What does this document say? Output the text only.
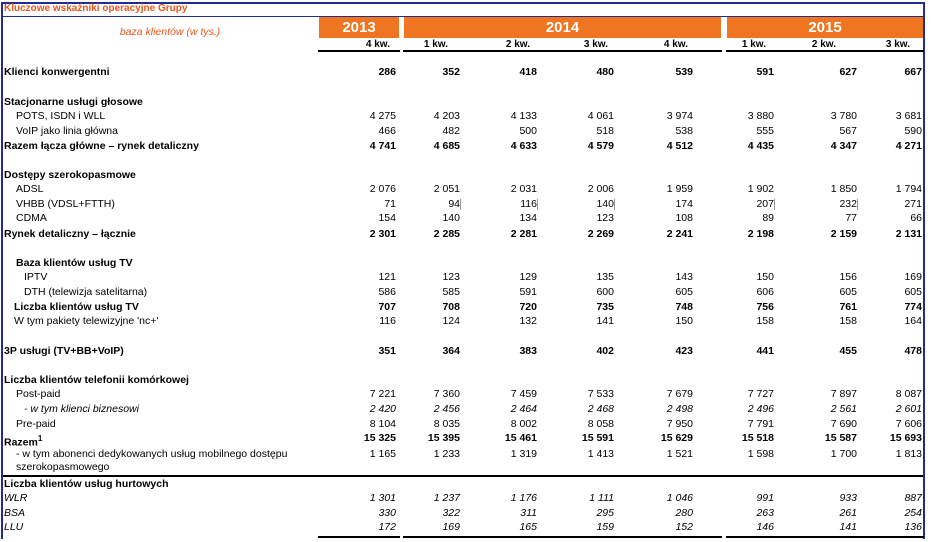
Kluczowe wskaźniki operacyjne Grupy
2013	2014	2015
baza klientów (w tys.)
4 kw.	1 kw.	2 kw.	3 kw.	4 kw.	1 kw.	2 kw.	3 kw.
Klienci konwergentni	286	352	418	480	539	591	627	667
Stacjonarne usługi głosowe
POTS, ISDN i WLL	4 275	4 203	4 133	4 061	3 974	3 880	3 780	3 681
VoIP jako linia główna	466	482	500	518	538	555	567	590
Razem łącza główne – rynek detaliczny	4 741	4 685	4 633	4 579	4 512	4 435	4 347	4 271
Dostępy szerokopasmowe
ADSL	2 076	2 051	2 031	2 006	1 959	1 902	1 850	1 794
VHBB (VDSL+FTTH)	71	94	116	140	174	207	232	271
CDMA	154	140	134	123	108	89	77	66
Rynek detaliczny – łącznie	2 301	2 285	2 281	2 269	2 241	2 198	2 159	2 131
Baza klientów usług TV
IPTV	121	123	129	135	143	150	156	169
DTH (telewizja satelitarna)	586	585	591	600	605	606	605	605
Liczba klientów usług TV	707	708	720	735	748	756	761	774
W tym pakiety telewizyjne 'nc+'	116	124	132	141	150	158	158	164
3P usługi (TV+BB+VoIP)	351	364	383	402	423	441	455	478
Liczba klientów telefonii komórkowej
Post-paid	7 221	7 360	7 459	7 533	7 679	7 727	7 897	8 087
- w tym klienci biznesowi	2 420	2 456	2 464	2 468	2 498	2 496	2 561	2 601
Pre-paid	8 104	8 035	8 002	8 058	7 950	7 791	7 690	7 606
Razem$^1$	15 325	15 395	15 461	15 591	15 629	15 518	15 587	15 693
- w tym abonenci dedykowanych usług mobilnego dostępu
szerokopasmowego
1 165	1 233	1 319	1 413	1 521	1 598	1 700	1 813
Liczba klientów usług hurtowych
WLR	1 301	1 237	1 176	1 111	1 046	991	933	887
BSA	330	322	311	295	280	263	261	254
LLU	172	169	165	159	152	146	141	136
